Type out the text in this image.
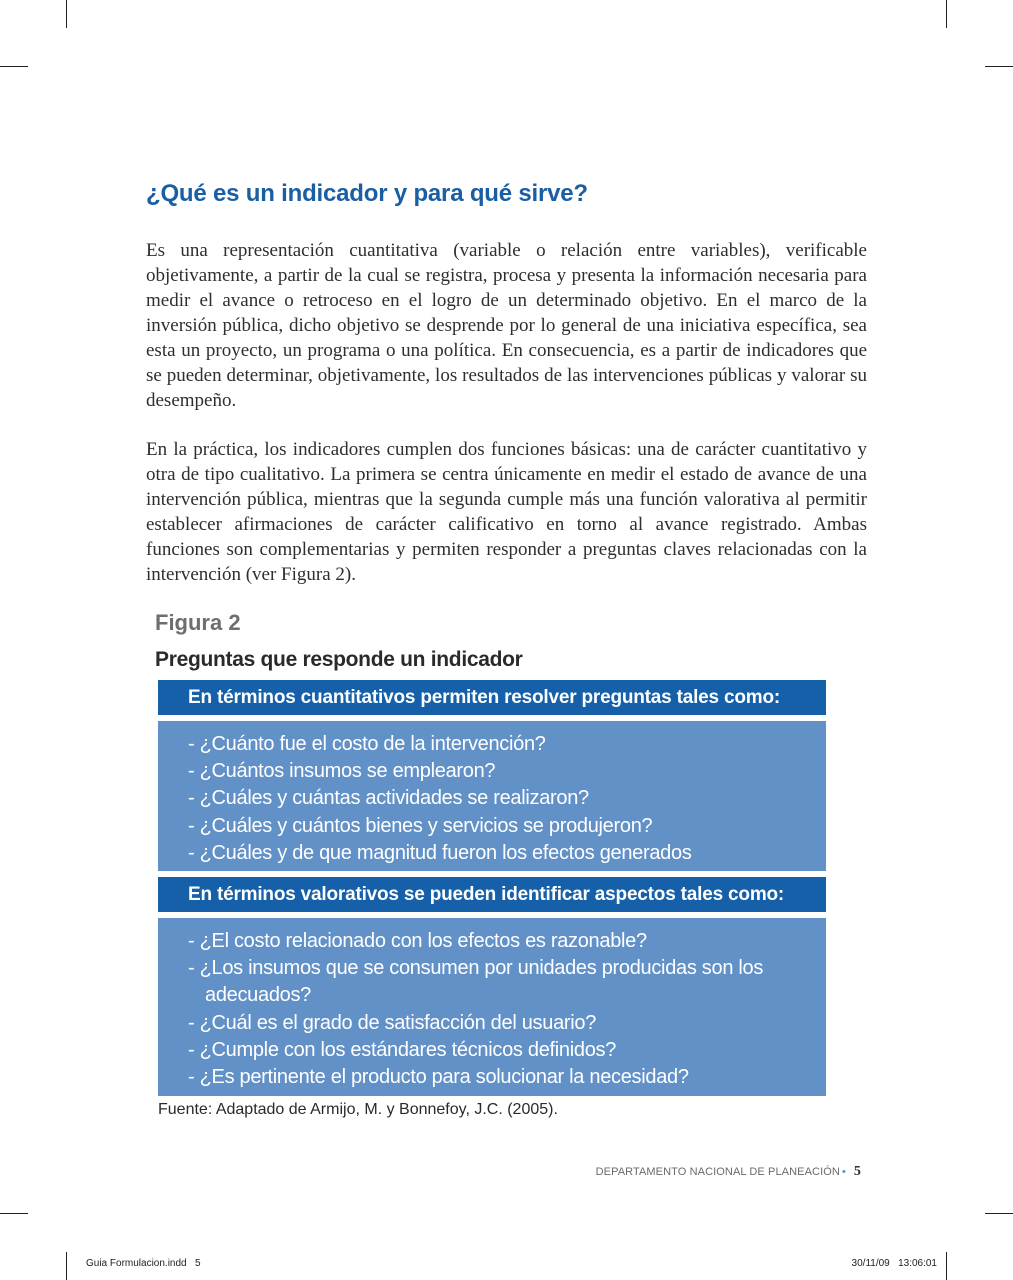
¿Qué es un indicador y para qué sirve?

Es una representación cuantitativa (variable o relación entre variables), verificable objetivamente, a partir de la cual se registra, procesa y presenta la información necesaria para medir el avance o retroceso en el logro de un determinado objetivo. En el marco de la inversión pública, dicho objetivo se desprende por lo general de una iniciativa específica, sea esta un proyecto, un programa o una política. En consecuencia, es a partir de indicadores que se pueden determinar, objetivamente, los resultados de las intervenciones públicas y valorar su desempeño.

En la práctica, los indicadores cumplen dos funciones básicas: una de carácter cuantitativo y otra de tipo cualitativo. La primera se centra únicamente en medir el estado de avance de una intervención pública, mientras que la segunda cumple más una función valorativa al permitir establecer afirmaciones de carácter calificativo en torno al avance registrado. Ambas funciones son complementarias y permiten responder a preguntas claves relacionadas con la intervención (ver Figura 2).

Figura 2
Preguntas que responde un indicador
En términos cuantitativos permiten resolver preguntas tales como:
- ¿Cuánto fue el costo de la intervención?
- ¿Cuántos insumos se emplearon?
- ¿Cuáles y cuántas actividades se realizaron?
- ¿Cuáles y cuántos bienes y servicios se produjeron?
- ¿Cuáles y de que magnitud fueron los efectos generados
En términos valorativos se pueden identificar aspectos tales como:
- ¿El costo relacionado con los efectos es razonable?
- ¿Los insumos que se consumen por unidades producidas son los adecuados?
- ¿Cuál es el grado de satisfacción del usuario?
- ¿Cumple con los estándares técnicos definidos?
- ¿Es pertinente el producto para solucionar la necesidad?

Fuente: Adaptado de Armijo, M. y Bonnefoy, J.C. (2005).

DEPARTAMENTO NACIONAL DE PLANEACIÓN • 5

Guia Formulacion.indd   5	30/11/09   13:06:01
